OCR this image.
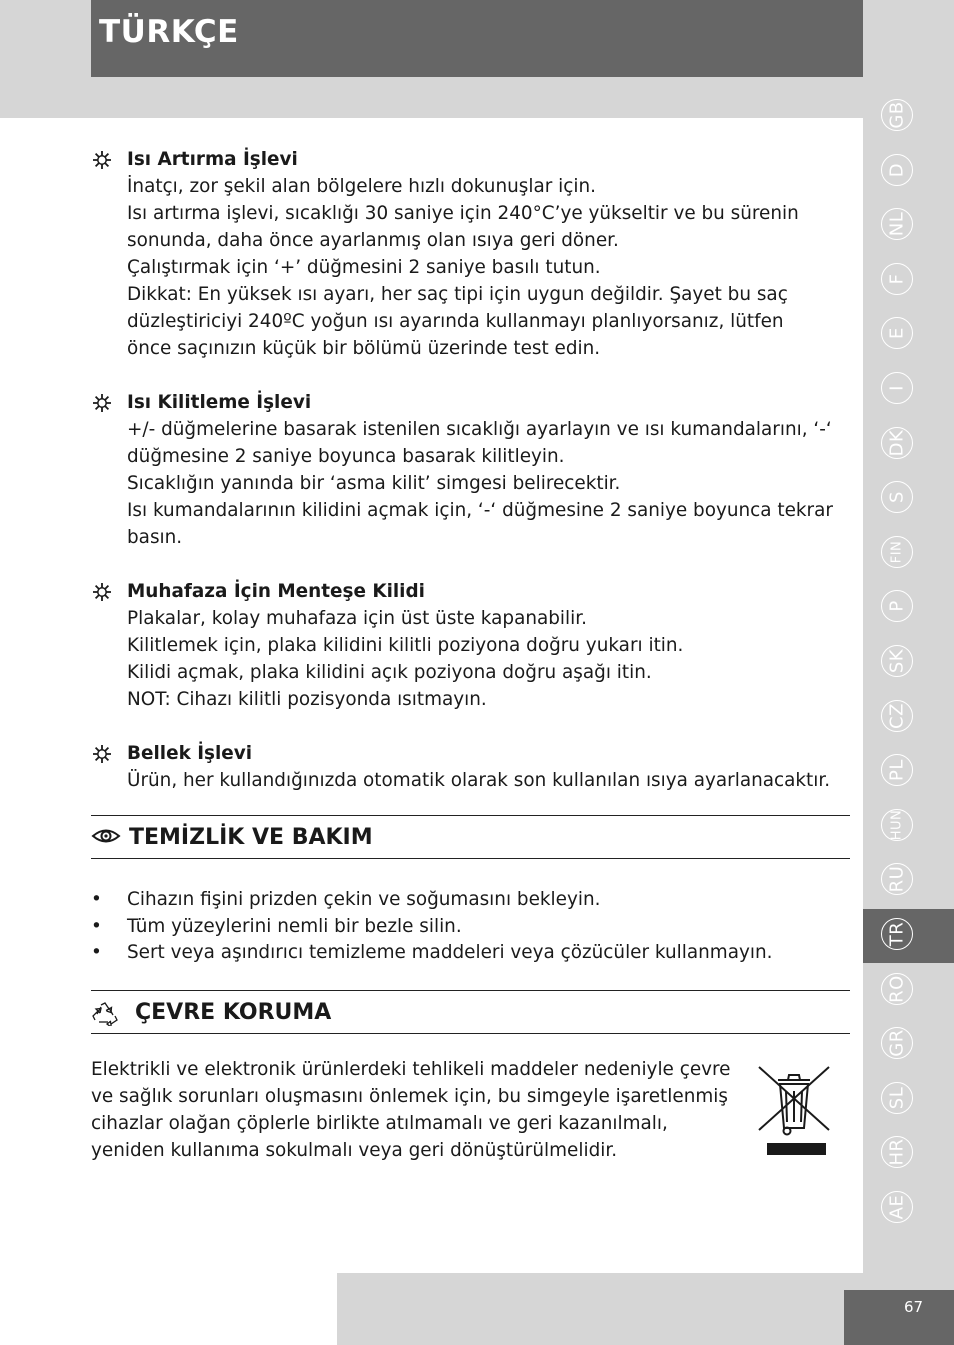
TÜRKÇE
Isı Artırma İşlevi
İnatçı, zor şekil alan bölgelere hızlı dokunuşlar için.
Isı artırma işlevi, sıcaklığı 30 saniye için 240°C’ye yükseltir ve bu sürenin
sonunda, daha önce ayarlanmış olan ısıya geri döner.
Çalıştırmak için ‘+’ düğmesini 2 saniye basılı tutun.
Dikkat: En yüksek ısı ayarı, her saç tipi için uygun değildir. Şayet bu saç
düzleştiriciyi 240ºC yoğun ısı ayarında kullanmayı planlıyorsanız, lütfen
önce saçınızın küçük bir bölümü üzerinde test edin.
Isı Kilitleme İşlevi
+/- düğmelerine basarak istenilen sıcaklığı ayarlayın ve ısı kumandalarını, ‘-‘
düğmesine 2 saniye boyunca basarak kilitleyin.
Sıcaklığın yanında bir ‘asma kilit’ simgesi belirecektir.
Isı kumandalarının kilidini açmak için, ‘-‘ düğmesine 2 saniye boyunca tekrar
basın.
Muhafaza İçin Menteşe Kilidi
Plakalar, kolay muhafaza için üst üste kapanabilir.
Kilitlemek için, plaka kilidini kilitli poziyona doğru yukarı itin.
Kilidi açmak, plaka kilidini açık poziyona doğru aşağı itin.
NOT: Cihazı kilitli pozisyonda ısıtmayın.
Bellek İşlevi
Ürün, her kullandığınızda otomatik olarak son kullanılan ısıya ayarlanacaktır.
TEMİZLİK VE BAKIM
• Cihazın fişini prizden çekin ve soğumasını bekleyin.
• Tüm yüzeylerini nemli bir bezle silin.
• Sert veya aşındırıcı temizleme maddeleri veya çözücüler kullanmayın.
ÇEVRE KORUMA
Elektrikli ve elektronik ürünlerdeki tehlikeli maddeler nedeniyle çevre
ve sağlık sorunları oluşmasını önlemek için, bu simgeyle işaretlenmiş
cihazlar olağan çöplerle birlikte atılmamalı ve geri kazanılmalı,
yeniden kullanıma sokulmalı veya geri dönüştürülmelidir.
GB
D
NL
F
E
I
DK
S
FIN
P
SK
CZ
PL
HUN
RU
TR
RO
GR
SL
HR
AE
67
